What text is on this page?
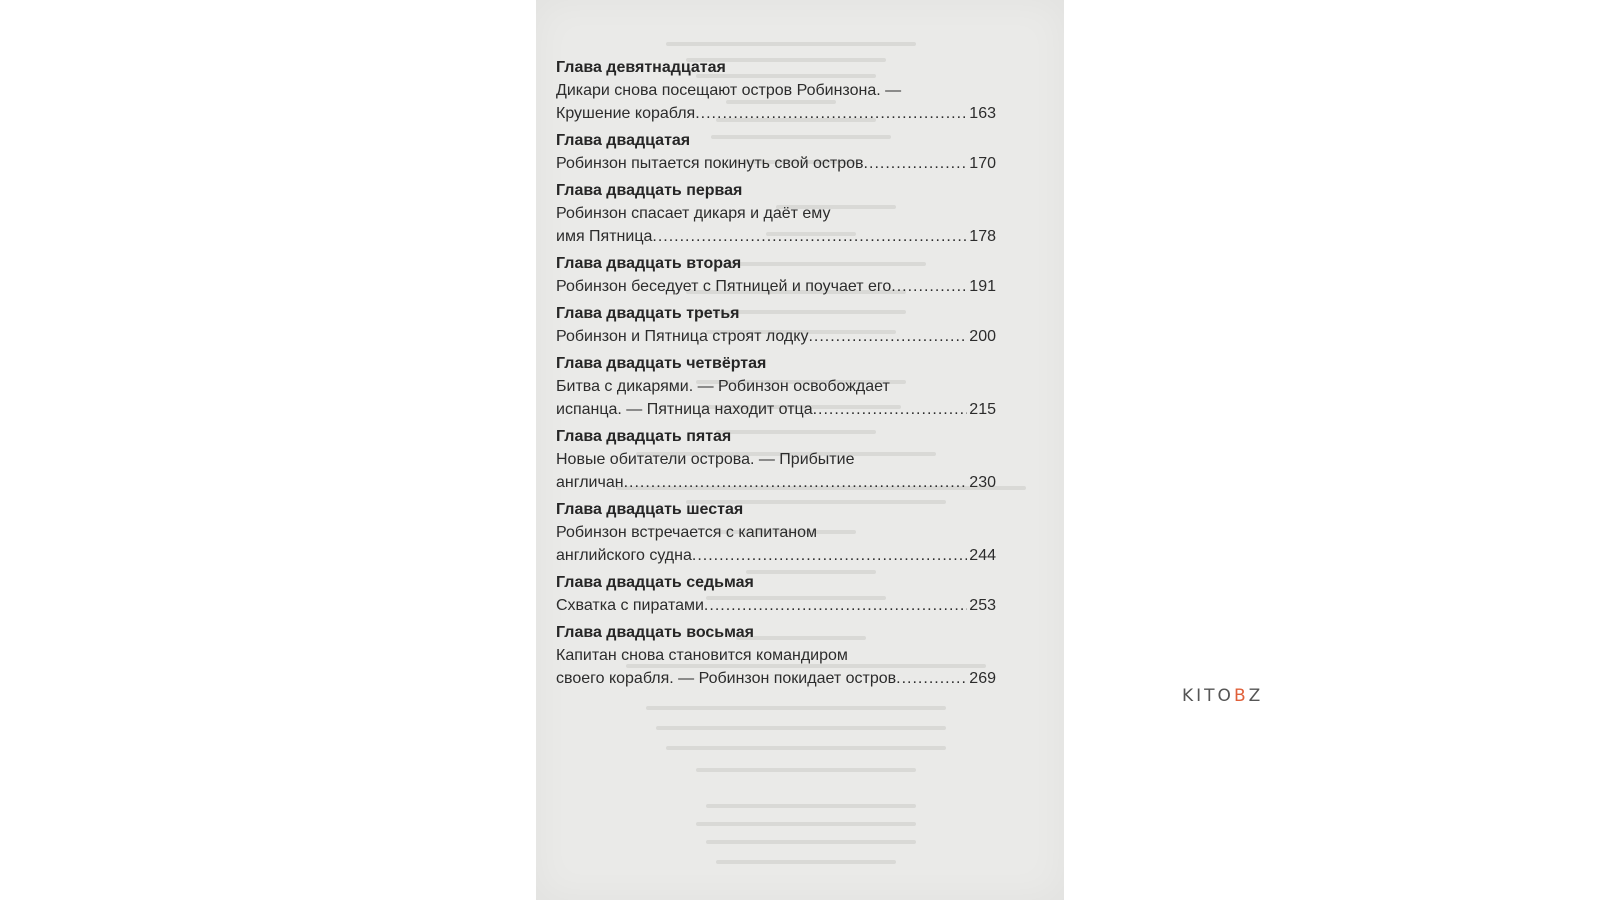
Глава девятнадцатая
Дикари снова посещают остров Робинзона. —
Крушение корабля .....	163
Глава двадцатая
Робинзон пытается покинуть свой остров .....	170
Глава двадцать первая
Робинзон спасает дикаря и даёт ему
имя Пятница .....	178
Глава двадцать вторая
Робинзон беседует с Пятницей и поучает его .....	191
Глава двадцать третья
Робинзон и Пятница строят лодку .....	200
Глава двадцать четвёртая
Битва с дикарями. — Робинзон освобождает
испанца. — Пятница находит отца .....	215
Глава двадцать пятая
Новые обитатели острова. — Прибытие
англичан .....	230
Глава двадцать шестая
Робинзон встречается с капитаном
английского судна .....	244
Глава двадцать седьмая
Схватка с пиратами .....	253
Глава двадцать восьмая
Капитан снова становится командиром
своего корабля. — Робинзон покидает остров .....	269
KITOBZ
